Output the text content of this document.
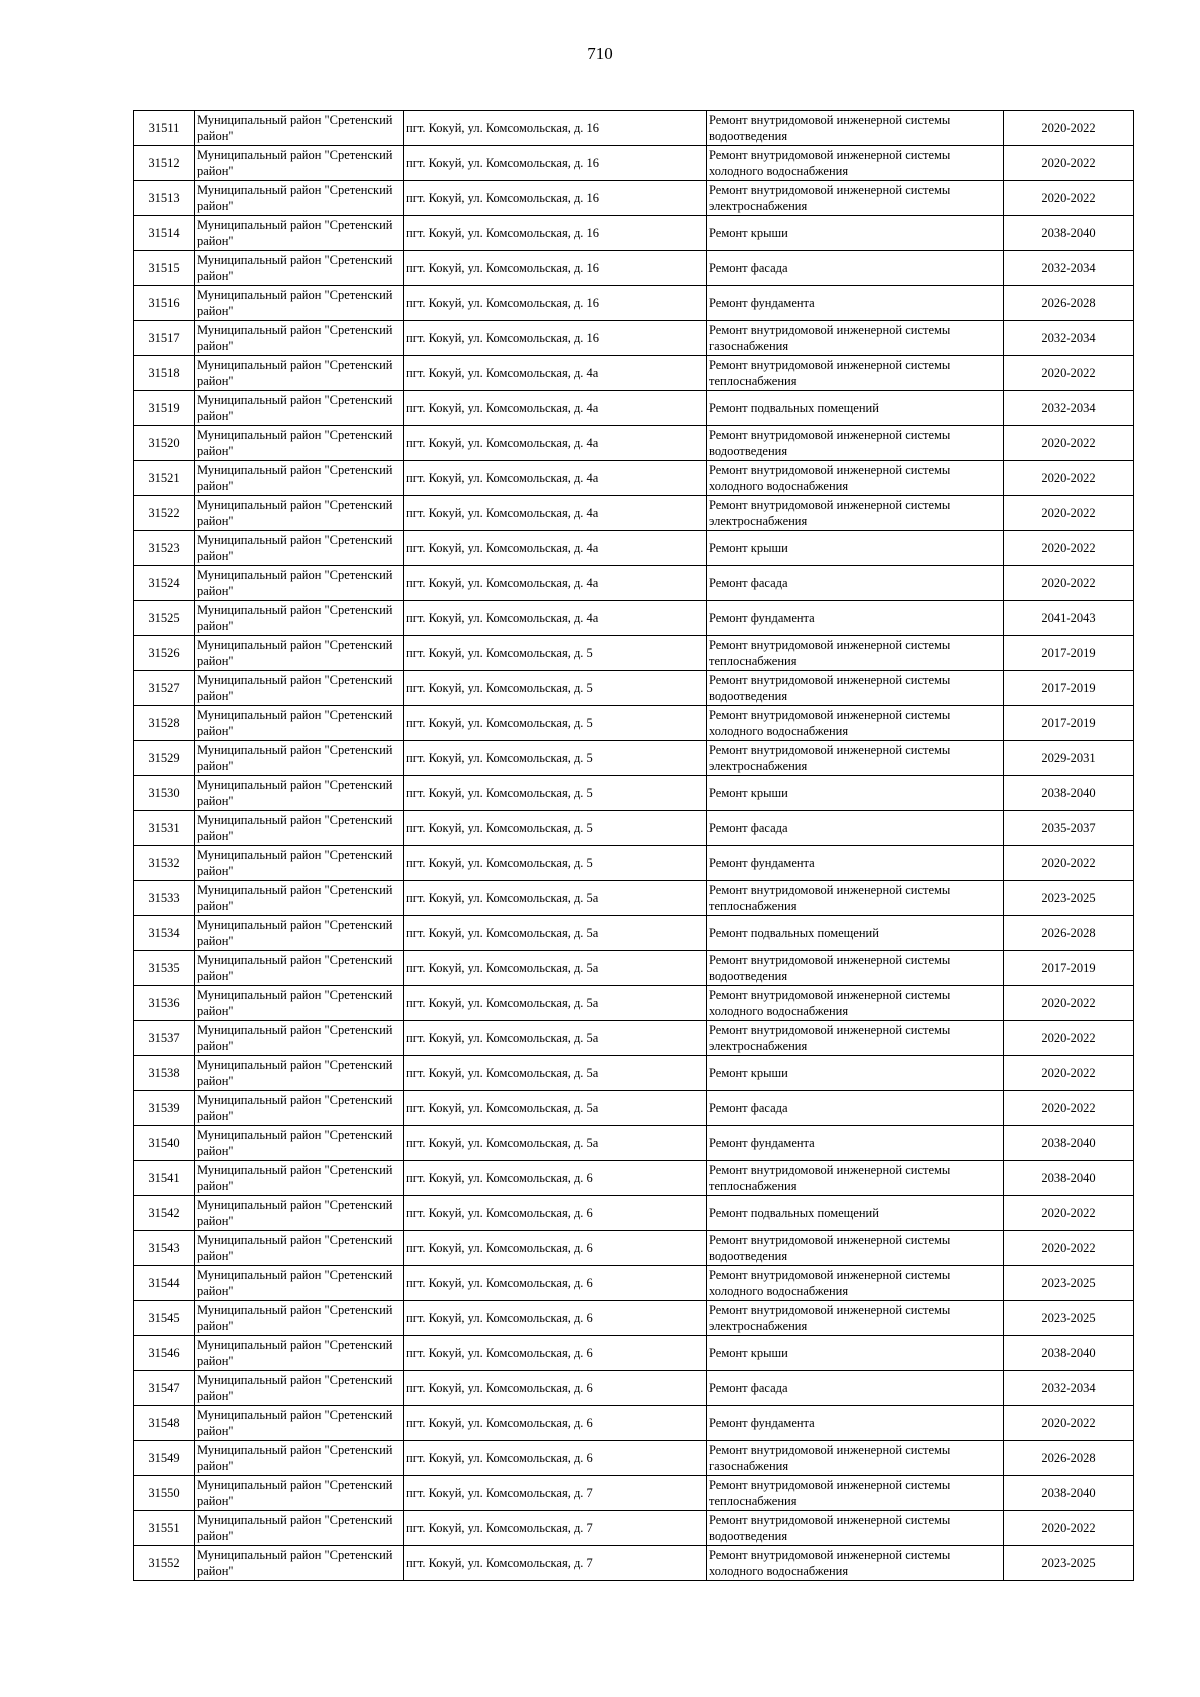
710
31511	Муниципальный район "Сретенский район"	пгт. Кокуй, ул. Комсомольская, д. 16	Ремонт внутридомовой инженерной системы водоотведения	2020-2022
31512	Муниципальный район "Сретенский район"	пгт. Кокуй, ул. Комсомольская, д. 16	Ремонт внутридомовой инженерной системы холодного водоснабжения	2020-2022
31513	Муниципальный район "Сретенский район"	пгт. Кокуй, ул. Комсомольская, д. 16	Ремонт внутридомовой инженерной системы электроснабжения	2020-2022
31514	Муниципальный район "Сретенский район"	пгт. Кокуй, ул. Комсомольская, д. 16	Ремонт крыши	2038-2040
31515	Муниципальный район "Сретенский район"	пгт. Кокуй, ул. Комсомольская, д. 16	Ремонт фасада	2032-2034
31516	Муниципальный район "Сретенский район"	пгт. Кокуй, ул. Комсомольская, д. 16	Ремонт фундамента	2026-2028
31517	Муниципальный район "Сретенский район"	пгт. Кокуй, ул. Комсомольская, д. 16	Ремонт внутридомовой инженерной системы газоснабжения	2032-2034
31518	Муниципальный район "Сретенский район"	пгт. Кокуй, ул. Комсомольская, д. 4а	Ремонт внутридомовой инженерной системы теплоснабжения	2020-2022
31519	Муниципальный район "Сретенский район"	пгт. Кокуй, ул. Комсомольская, д. 4а	Ремонт подвальных помещений	2032-2034
31520	Муниципальный район "Сретенский район"	пгт. Кокуй, ул. Комсомольская, д. 4а	Ремонт внутридомовой инженерной системы водоотведения	2020-2022
31521	Муниципальный район "Сретенский район"	пгт. Кокуй, ул. Комсомольская, д. 4а	Ремонт внутридомовой инженерной системы холодного водоснабжения	2020-2022
31522	Муниципальный район "Сретенский район"	пгт. Кокуй, ул. Комсомольская, д. 4а	Ремонт внутридомовой инженерной системы электроснабжения	2020-2022
31523	Муниципальный район "Сретенский район"	пгт. Кокуй, ул. Комсомольская, д. 4а	Ремонт крыши	2020-2022
31524	Муниципальный район "Сретенский район"	пгт. Кокуй, ул. Комсомольская, д. 4а	Ремонт фасада	2020-2022
31525	Муниципальный район "Сретенский район"	пгт. Кокуй, ул. Комсомольская, д. 4а	Ремонт фундамента	2041-2043
31526	Муниципальный район "Сретенский район"	пгт. Кокуй, ул. Комсомольская, д. 5	Ремонт внутридомовой инженерной системы теплоснабжения	2017-2019
31527	Муниципальный район "Сретенский район"	пгт. Кокуй, ул. Комсомольская, д. 5	Ремонт внутридомовой инженерной системы водоотведения	2017-2019
31528	Муниципальный район "Сретенский район"	пгт. Кокуй, ул. Комсомольская, д. 5	Ремонт внутридомовой инженерной системы холодного водоснабжения	2017-2019
31529	Муниципальный район "Сретенский район"	пгт. Кокуй, ул. Комсомольская, д. 5	Ремонт внутридомовой инженерной системы электроснабжения	2029-2031
31530	Муниципальный район "Сретенский район"	пгт. Кокуй, ул. Комсомольская, д. 5	Ремонт крыши	2038-2040
31531	Муниципальный район "Сретенский район"	пгт. Кокуй, ул. Комсомольская, д. 5	Ремонт фасада	2035-2037
31532	Муниципальный район "Сретенский район"	пгт. Кокуй, ул. Комсомольская, д. 5	Ремонт фундамента	2020-2022
31533	Муниципальный район "Сретенский район"	пгт. Кокуй, ул. Комсомольская, д. 5а	Ремонт внутридомовой инженерной системы теплоснабжения	2023-2025
31534	Муниципальный район "Сретенский район"	пгт. Кокуй, ул. Комсомольская, д. 5а	Ремонт подвальных помещений	2026-2028
31535	Муниципальный район "Сретенский район"	пгт. Кокуй, ул. Комсомольская, д. 5а	Ремонт внутридомовой инженерной системы водоотведения	2017-2019
31536	Муниципальный район "Сретенский район"	пгт. Кокуй, ул. Комсомольская, д. 5а	Ремонт внутридомовой инженерной системы холодного водоснабжения	2020-2022
31537	Муниципальный район "Сретенский район"	пгт. Кокуй, ул. Комсомольская, д. 5а	Ремонт внутридомовой инженерной системы электроснабжения	2020-2022
31538	Муниципальный район "Сретенский район"	пгт. Кокуй, ул. Комсомольская, д. 5а	Ремонт крыши	2020-2022
31539	Муниципальный район "Сретенский район"	пгт. Кокуй, ул. Комсомольская, д. 5а	Ремонт фасада	2020-2022
31540	Муниципальный район "Сретенский район"	пгт. Кокуй, ул. Комсомольская, д. 5а	Ремонт фундамента	2038-2040
31541	Муниципальный район "Сретенский район"	пгт. Кокуй, ул. Комсомольская, д. 6	Ремонт внутридомовой инженерной системы теплоснабжения	2038-2040
31542	Муниципальный район "Сретенский район"	пгт. Кокуй, ул. Комсомольская, д. 6	Ремонт подвальных помещений	2020-2022
31543	Муниципальный район "Сретенский район"	пгт. Кокуй, ул. Комсомольская, д. 6	Ремонт внутридомовой инженерной системы водоотведения	2020-2022
31544	Муниципальный район "Сретенский район"	пгт. Кокуй, ул. Комсомольская, д. 6	Ремонт внутридомовой инженерной системы холодного водоснабжения	2023-2025
31545	Муниципальный район "Сретенский район"	пгт. Кокуй, ул. Комсомольская, д. 6	Ремонт внутридомовой инженерной системы электроснабжения	2023-2025
31546	Муниципальный район "Сретенский район"	пгт. Кокуй, ул. Комсомольская, д. 6	Ремонт крыши	2038-2040
31547	Муниципальный район "Сретенский район"	пгт. Кокуй, ул. Комсомольская, д. 6	Ремонт фасада	2032-2034
31548	Муниципальный район "Сретенский район"	пгт. Кокуй, ул. Комсомольская, д. 6	Ремонт фундамента	2020-2022
31549	Муниципальный район "Сретенский район"	пгт. Кокуй, ул. Комсомольская, д. 6	Ремонт внутридомовой инженерной системы газоснабжения	2026-2028
31550	Муниципальный район "Сретенский район"	пгт. Кокуй, ул. Комсомольская, д. 7	Ремонт внутридомовой инженерной системы теплоснабжения	2038-2040
31551	Муниципальный район "Сретенский район"	пгт. Кокуй, ул. Комсомольская, д. 7	Ремонт внутридомовой инженерной системы водоотведения	2020-2022
31552	Муниципальный район "Сретенский район"	пгт. Кокуй, ул. Комсомольская, д. 7	Ремонт внутридомовой инженерной системы холодного водоснабжения	2023-2025
